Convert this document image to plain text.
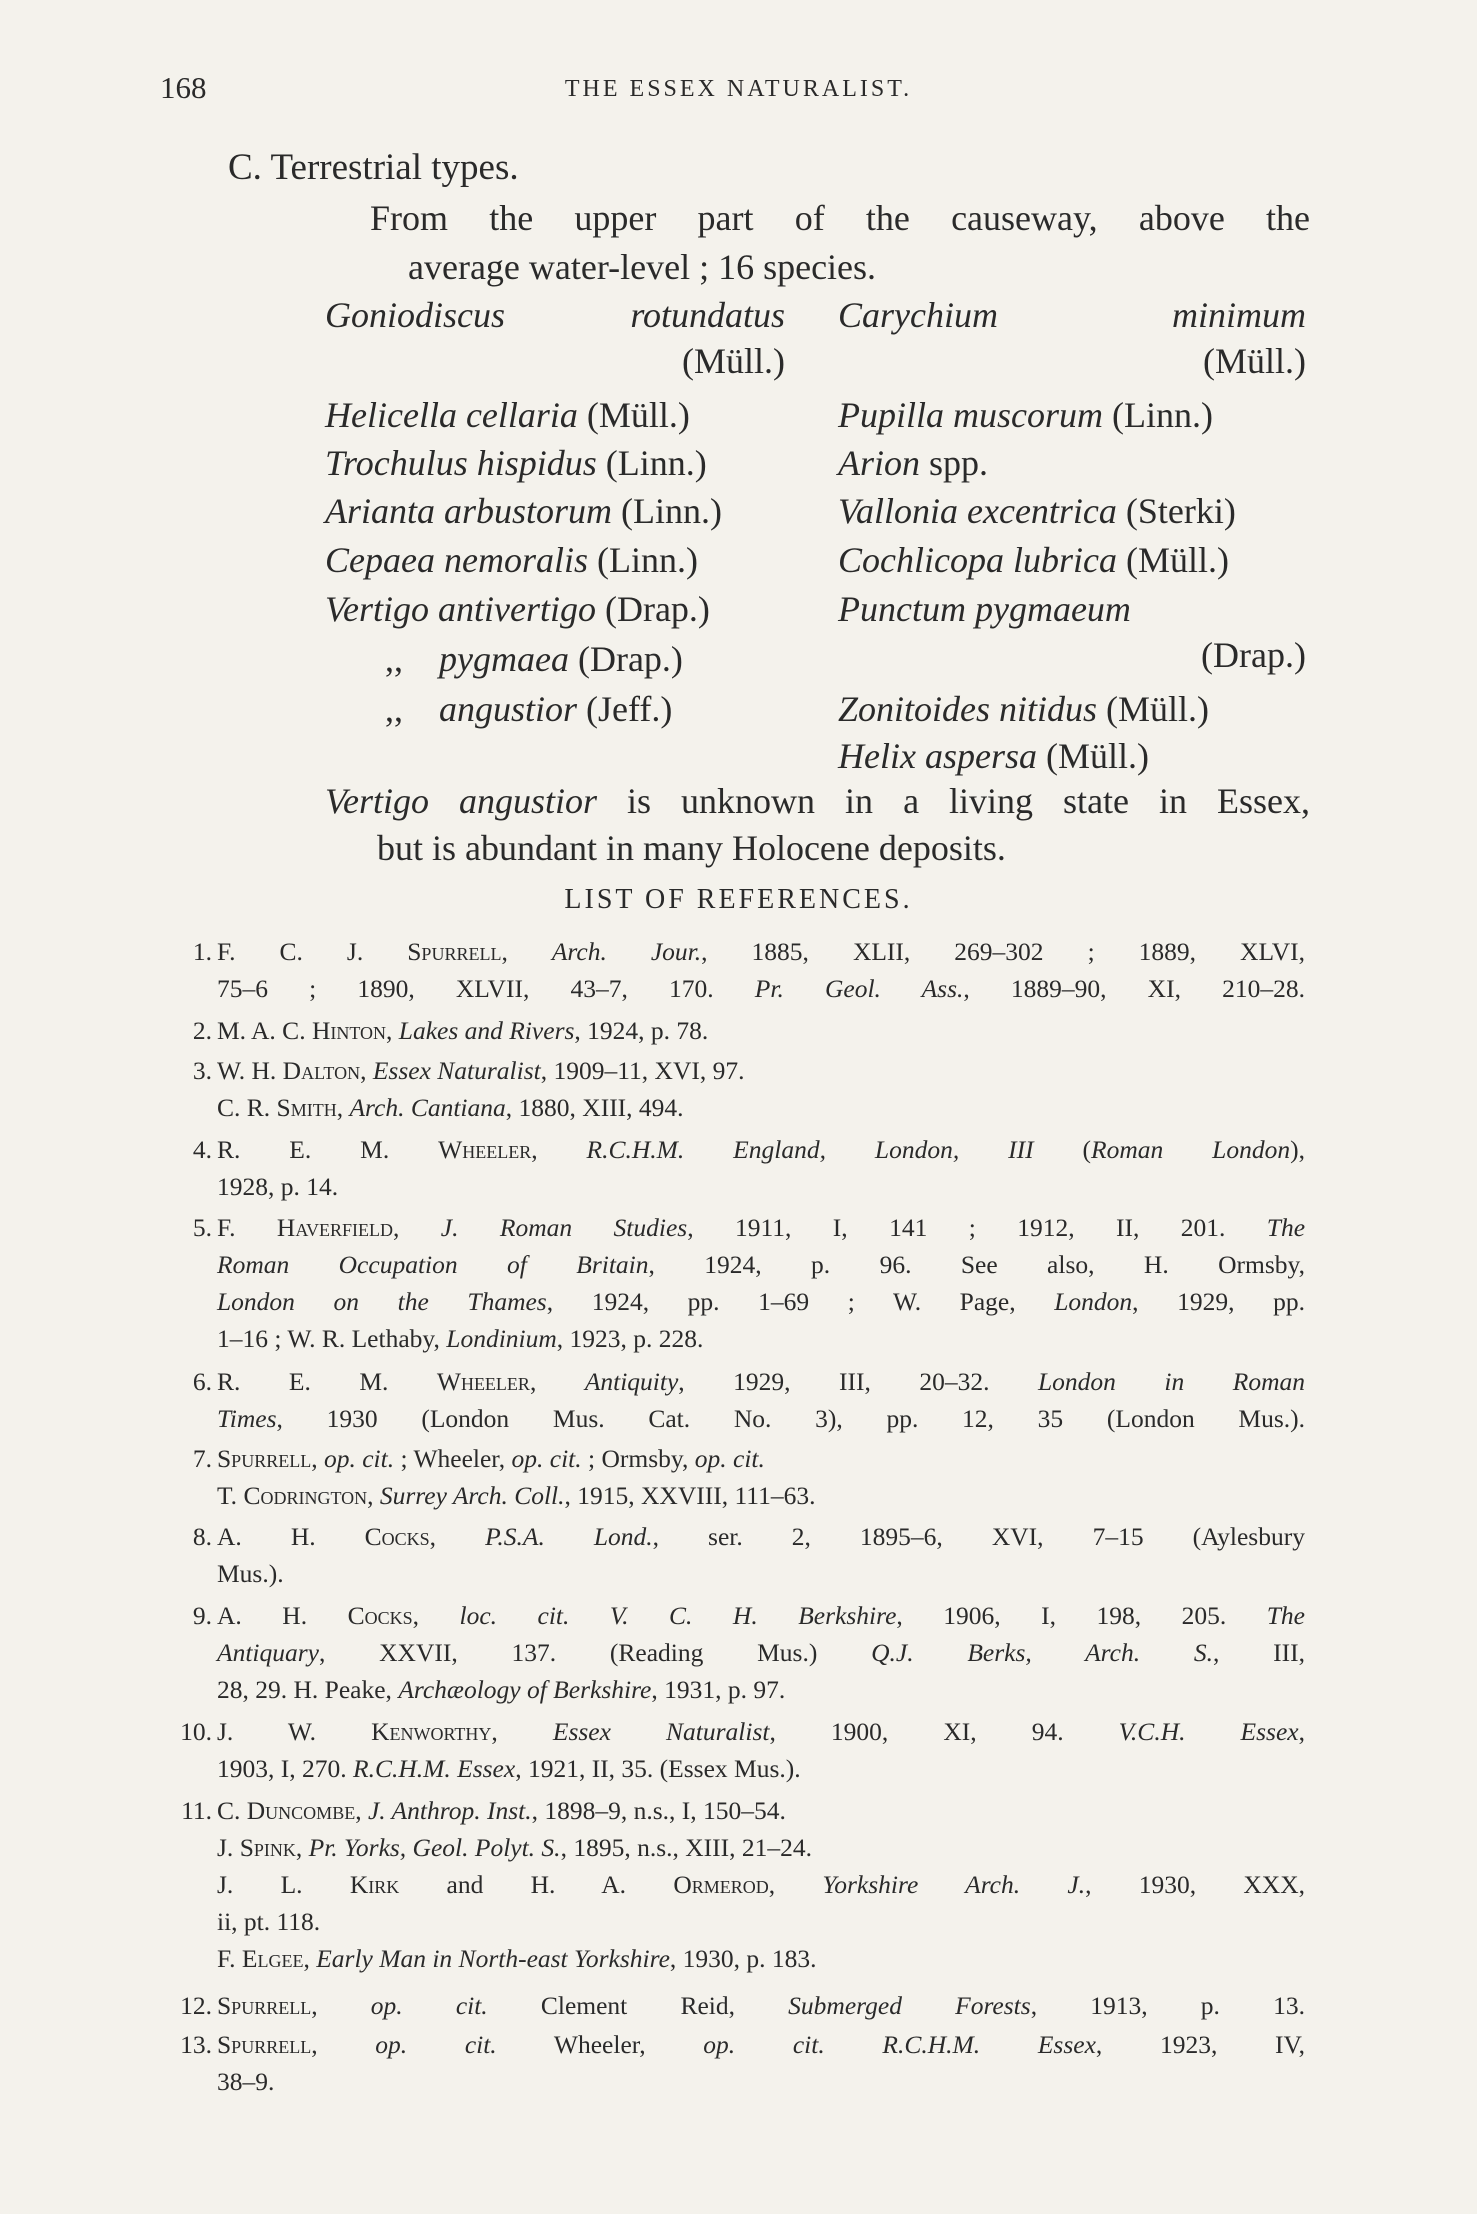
168	THE ESSEX NATURALIST.
C. Terrestrial types.
From the upper part of the causeway, above the
average water-level ; 16 species.
Goniodiscus rotundatus
(Müll.)
Helicella cellaria (Müll.)
Trochulus hispidus (Linn.)
Arianta arbustorum (Linn.)
Cepaea nemoralis (Linn.)
Vertigo antivertigo (Drap.)
,, pygmaea (Drap.)
,, angustior (Jeff.)
Carychium minimum
(Müll.)
Pupilla muscorum (Linn.)
Arion spp.
Vallonia excentrica (Sterki)
Cochlicopa lubrica (Müll.)
Punctum pygmaeum
(Drap.)
Zonitoides nitidus (Müll.)
Helix aspersa (Müll.)
Vertigo angustior is unknown in a living state in Essex,
but is abundant in many Holocene deposits.
LIST OF REFERENCES.
1. F. C. J. Spurrell, Arch. Jour., 1885, XLII, 269–302 ; 1889, XLVI,
75–6 ; 1890, XLVII, 43–7, 170. Pr. Geol. Ass., 1889–90, XI, 210–28.
2. M. A. C. Hinton, Lakes and Rivers, 1924, p. 78.
3. W. H. Dalton, Essex Naturalist, 1909–11, XVI, 97.
C. R. Smith, Arch. Cantiana, 1880, XIII, 494.
4. R. E. M. Wheeler, R.C.H.M. England, London, III (Roman London),
1928, p. 14.
5. F. Haverfield, J. Roman Studies, 1911, I, 141 ; 1912, II, 201. The
Roman Occupation of Britain, 1924, p. 96. See also, H. Ormsby,
London on the Thames, 1924, pp. 1–69 ; W. Page, London, 1929, pp.
1–16 ; W. R. Lethaby, Londinium, 1923, p. 228.
6. R. E. M. Wheeler, Antiquity, 1929, III, 20–32. London in Roman
Times, 1930 (London Mus. Cat. No. 3), pp. 12, 35 (London Mus.).
7. Spurrell, op. cit. ; Wheeler, op. cit. ; Ormsby, op. cit.
T. Codrington, Surrey Arch. Coll., 1915, XXVIII, 111–63.
8. A. H. Cocks, P.S.A. Lond., ser. 2, 1895–6, XVI, 7–15 (Aylesbury
Mus.).
9. A. H. Cocks, loc. cit. V. C. H. Berkshire, 1906, I, 198, 205. The
Antiquary, XXVII, 137. (Reading Mus.) Q.J. Berks, Arch. S., III,
28, 29. H. Peake, Archæology of Berkshire, 1931, p. 97.
10. J. W. Kenworthy, Essex Naturalist, 1900, XI, 94. V.C.H. Essex,
1903, I, 270. R.C.H.M. Essex, 1921, II, 35. (Essex Mus.).
11. C. Duncombe, J. Anthrop. Inst., 1898–9, n.s., I, 150–54.
J. Spink, Pr. Yorks, Geol. Polyt. S., 1895, n.s., XIII, 21–24.
J. L. Kirk and H. A. Ormerod, Yorkshire Arch. J., 1930, XXX,
ii, pt. 118.
F. Elgee, Early Man in North-east Yorkshire, 1930, p. 183.
12. Spurrell, op. cit. Clement Reid, Submerged Forests, 1913, p. 13.
13. Spurrell, op. cit. Wheeler, op. cit. R.C.H.M. Essex, 1923, IV,
38–9.
